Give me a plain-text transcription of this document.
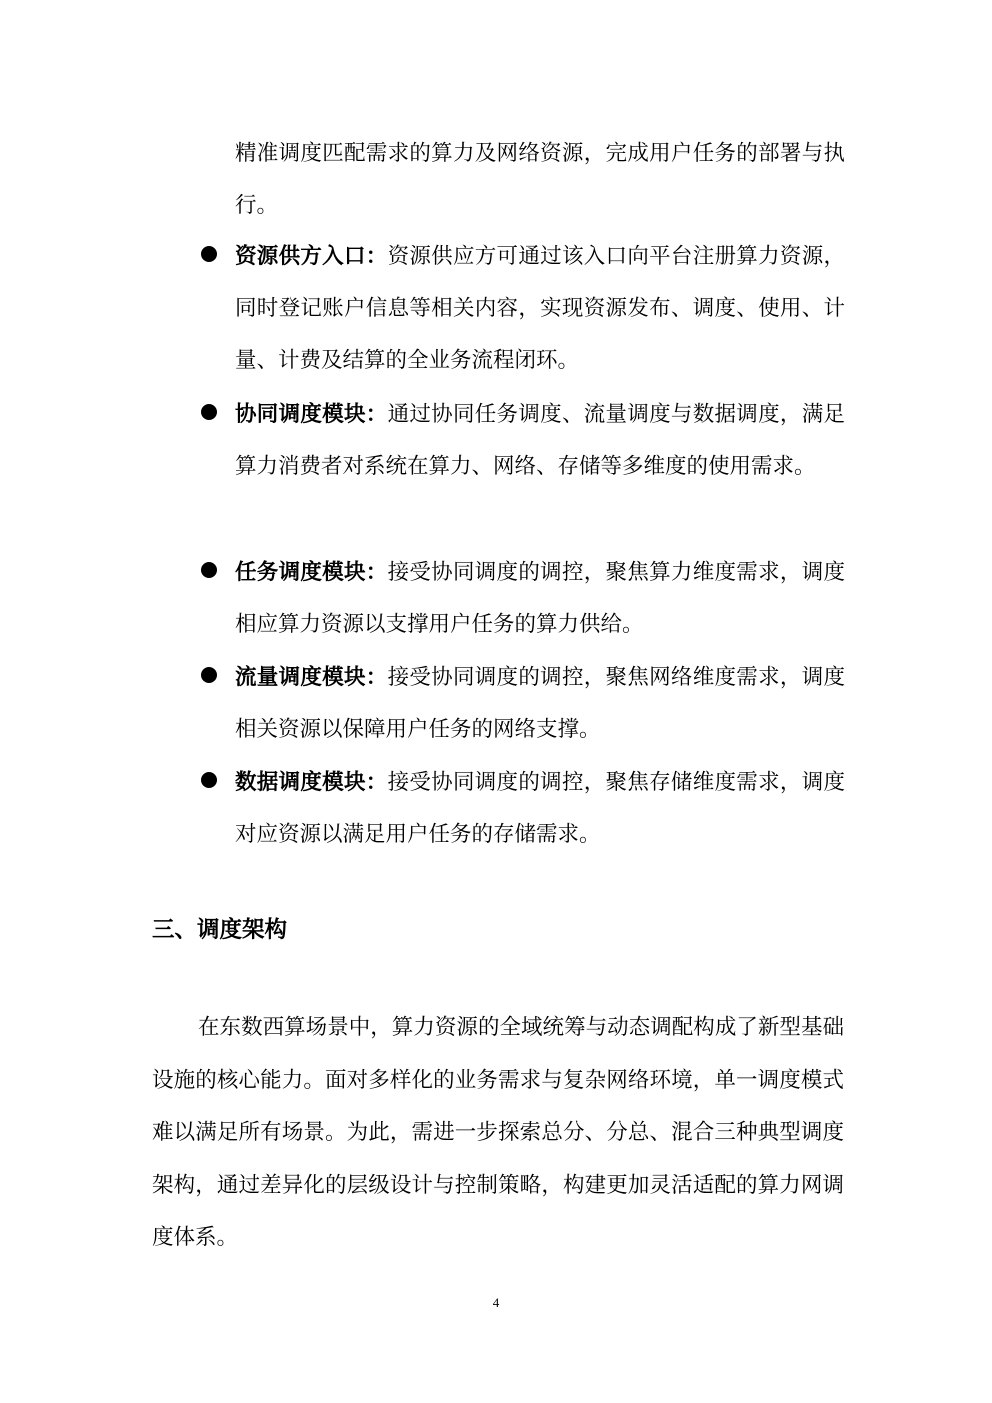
精准调度匹配需求的算力及网络资源，完成用户任务的部署与执行。

资源供方入口：资源供应方可通过该入口向平台注册算力资源，同时登记账户信息等相关内容，实现资源发布、调度、使用、计量、计费及结算的全业务流程闭环。

协同调度模块：通过协同任务调度、流量调度与数据调度，满足算力消费者对系统在算力、网络、存储等多维度的使用需求。

任务调度模块：接受协同调度的调控，聚焦算力维度需求，调度相应算力资源以支撑用户任务的算力供给。

流量调度模块：接受协同调度的调控，聚焦网络维度需求，调度相关资源以保障用户任务的网络支撑。

数据调度模块：接受协同调度的调控，聚焦存储维度需求，调度对应资源以满足用户任务的存储需求。

三、调度架构

在东数西算场景中，算力资源的全域统筹与动态调配构成了新型基础设施的核心能力。面对多样化的业务需求与复杂网络环境，单一调度模式难以满足所有场景。为此，需进一步探索总分、分总、混合三种典型调度架构，通过差异化的层级设计与控制策略，构建更加灵活适配的算力网调度体系。

4
